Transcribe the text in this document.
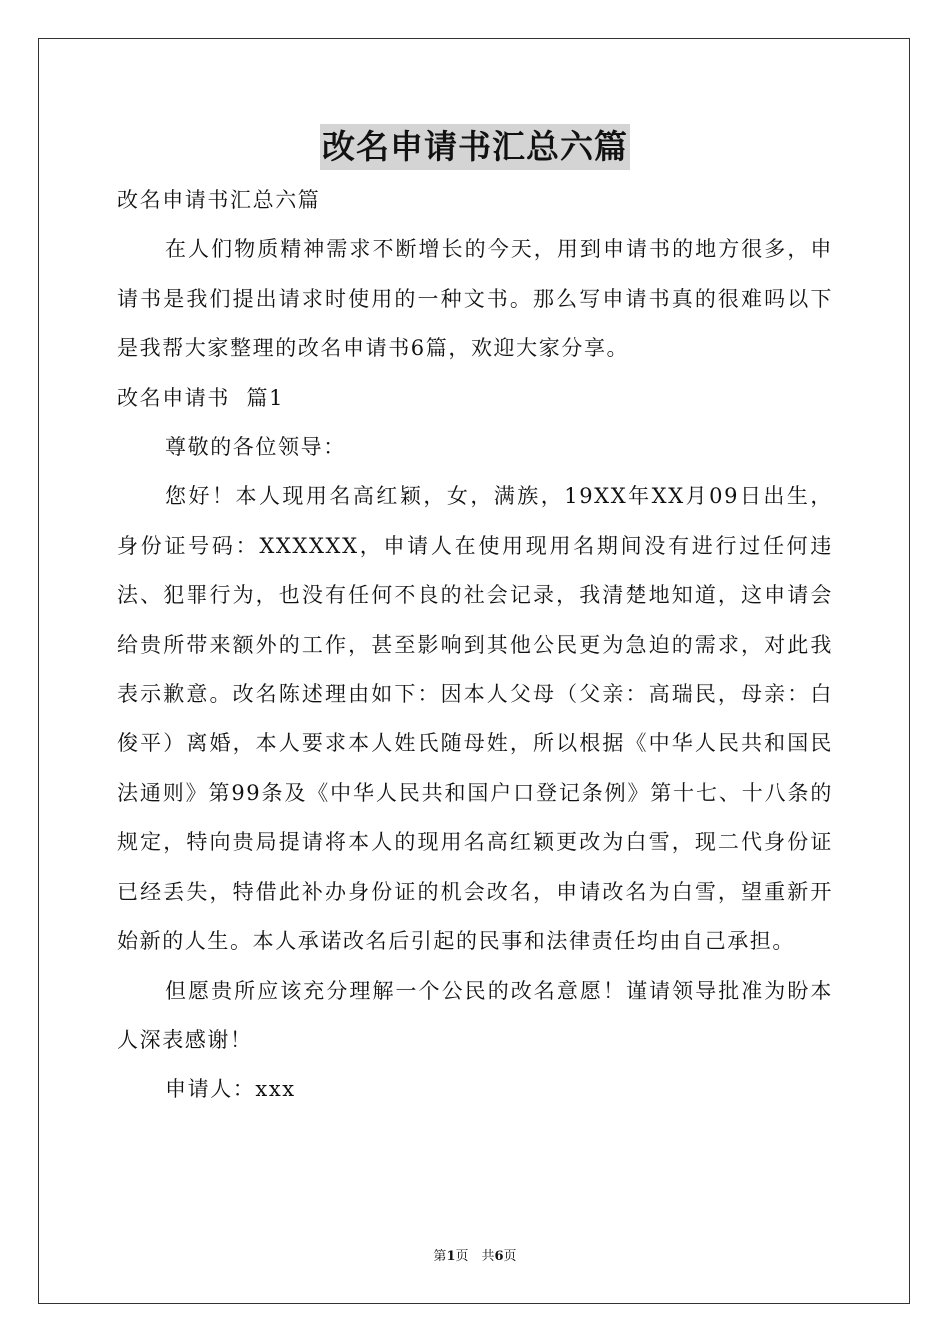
改名申请书汇总六篇

改名申请书汇总六篇

在人们物质精神需求不断增长的今天，用到申请书的地方很多，申请书是我们提出请求时使用的一种文书。那么写申请书真的很难吗以下是我帮大家整理的改名申请书6篇，欢迎大家分享。

改名申请书  篇1

尊敬的各位领导：

您好！本人现用名高红颖，女，满族，19XX年XX月09日出生，身份证号码：XXXXXX，申请人在使用现用名期间没有进行过任何违法、犯罪行为，也没有任何不良的社会记录，我清楚地知道，这申请会给贵所带来额外的工作，甚至影响到其他公民更为急迫的需求，对此我表示歉意。改名陈述理由如下：因本人父母（父亲：高瑞民，母亲：白俊平）离婚，本人要求本人姓氏随母姓，所以根据《中华人民共和国民法通则》第99条及《中华人民共和国户口登记条例》第十七、十八条的规定，特向贵局提请将本人的现用名高红颖更改为白雪，现二代身份证已经丢失，特借此补办身份证的机会改名，申请改名为白雪，望重新开始新的人生。本人承诺改名后引起的民事和法律责任均由自己承担。

但愿贵所应该充分理解一个公民的改名意愿！谨请领导批准为盼本人深表感谢！

申请人：xxx

第1页　共6页
